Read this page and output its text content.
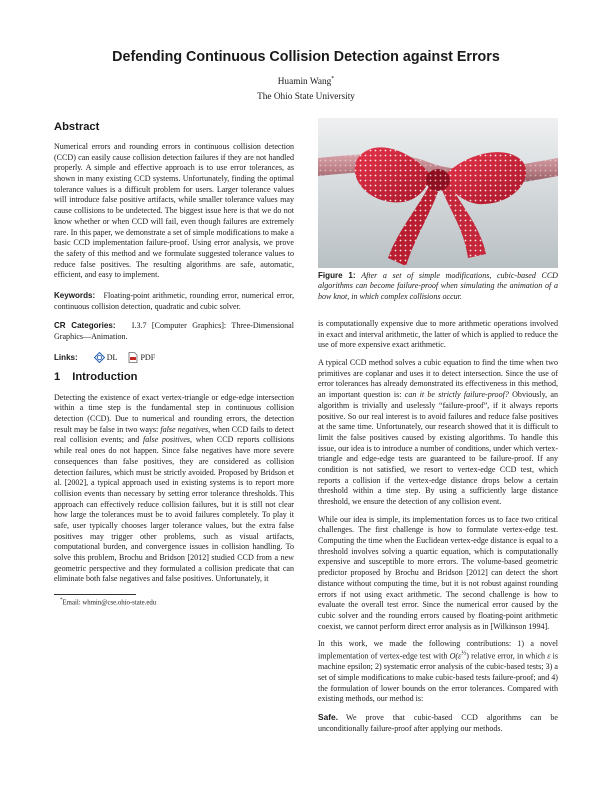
Defending Continuous Collision Detection against Errors
Huamin Wang*
The Ohio State University
Abstract

Numerical errors and rounding errors in continuous collision detection (CCD) can easily cause collision detection failures if they are not handled properly. A simple and effective approach is to use error tolerances, as shown in many existing CCD systems. Unfortunately, finding the optimal tolerance values is a difficult problem for users. Larger tolerance values will introduce false positive artifacts, while smaller tolerance values may cause collisions to be undetected. The biggest issue here is that we do not know whether or when CCD will fail, even though failures are extremely rare. In this paper, we demonstrate a set of simple modifications to make a basic CCD implementation failure-proof. Using error analysis, we prove the safety of this method and we formulate suggested tolerance values to reduce false positives. The resulting algorithms are safe, automatic, efficient, and easy to implement.

Keywords: Floating-point arithmetic, rounding error, numerical error, continuous collision detection, quadratic and cubic solver.

CR Categories: I.3.7 [Computer Graphics]: Three-Dimensional Graphics—Animation.

Links:	DL	PDF
1 Introduction

Detecting the existence of exact vertex-triangle or edge-edge intersection within a time step is the fundamental step in continuous collision detection (CCD). Due to numerical and rounding errors, the detection result may be false in two ways: false negatives, when CCD fails to detect real collision events; and false positives, when CCD reports collisions while real ones do not happen. Since false negatives have more severe consequences than false positives, they are considered as collision detection failures, which must be strictly avoided. Proposed by Bridson et al. [2002], a typical approach used in existing systems is to report more collision events than necessary by setting error tolerance thresholds. This approach can effectively reduce collision failures, but it is still not clear how large the tolerances must be to avoid failures completely. To play it safe, user typically chooses larger tolerance values, but the extra false positives may trigger other problems, such as visual artifacts, computational burden, and convergence issues in collision handling. To solve this problem, Brochu and Bridson [2012] studied CCD from a new geometric perspective and they formulated a collision predicate that can eliminate both false negatives and false positives. Unfortunately, it

*Email: whmin@cse.ohio-state.edu
Figure 1: After a set of simple modifications, cubic-based CCD algorithms can become failure-proof when simulating the animation of a bow knot, in which complex collisions occur.

is computationally expensive due to more arithmetic operations involved in exact and interval arithmetic, the latter of which is applied to reduce the use of more expensive exact arithmetic.

A typical CCD method solves a cubic equation to find the time when two primitives are coplanar and uses it to detect intersection. Since the use of error tolerances has already demonstrated its effectiveness in this method, an important question is: can it be strictly failure-proof? Obviously, an algorithm is trivially and uselessly “failure-proof”, if it always reports positive. So our real interest is to avoid failures and reduce false positives at the same time. Unfortunately, our research showed that it is difficult to limit the false positives caused by existing algorithms. To handle this issue, our idea is to introduce a number of conditions, under which vertex-triangle and edge-edge tests are guaranteed to be failure-proof. If any condition is not satisfied, we resort to vertex-edge CCD test, which reports a collision if the vertex-edge distance drops below a certain threshold within a time step. By using a sufficiently large distance threshold, we ensure the detection of any collision event.

While our idea is simple, its implementation forces us to face two critical challenges. The first challenge is how to formulate vertex-edge test. Computing the time when the Euclidean vertex-edge distance is equal to a threshold involves solving a quartic equation, which is computationally expensive and susceptible to more errors. The volume-based geometric predictor proposed by Brochu and Bridson [2012] can detect the short distance without computing the time, but it is not robust against rounding errors if not using exact arithmetic. The second challenge is how to evaluate the overall test error. Since the numerical error caused by the cubic solver and the rounding errors caused by floating-point arithmetic coexist, we cannot perform direct error analysis as in [Wilkinson 1994].

In this work, we made the following contributions: 1) a novel implementation of vertex-edge test with $O(\varepsilon^{\frac{1}{2}})$ relative error, in which ε is machine epsilon; 2) systematic error analysis of the cubic-based tests; 3) a set of simple modifications to make cubic-based tests failure-proof; and 4) the formulation of lower bounds on the error tolerances. Compared with existing methods, our method is:

Safe. We prove that cubic-based CCD algorithms can be unconditionally failure-proof after applying our methods.
